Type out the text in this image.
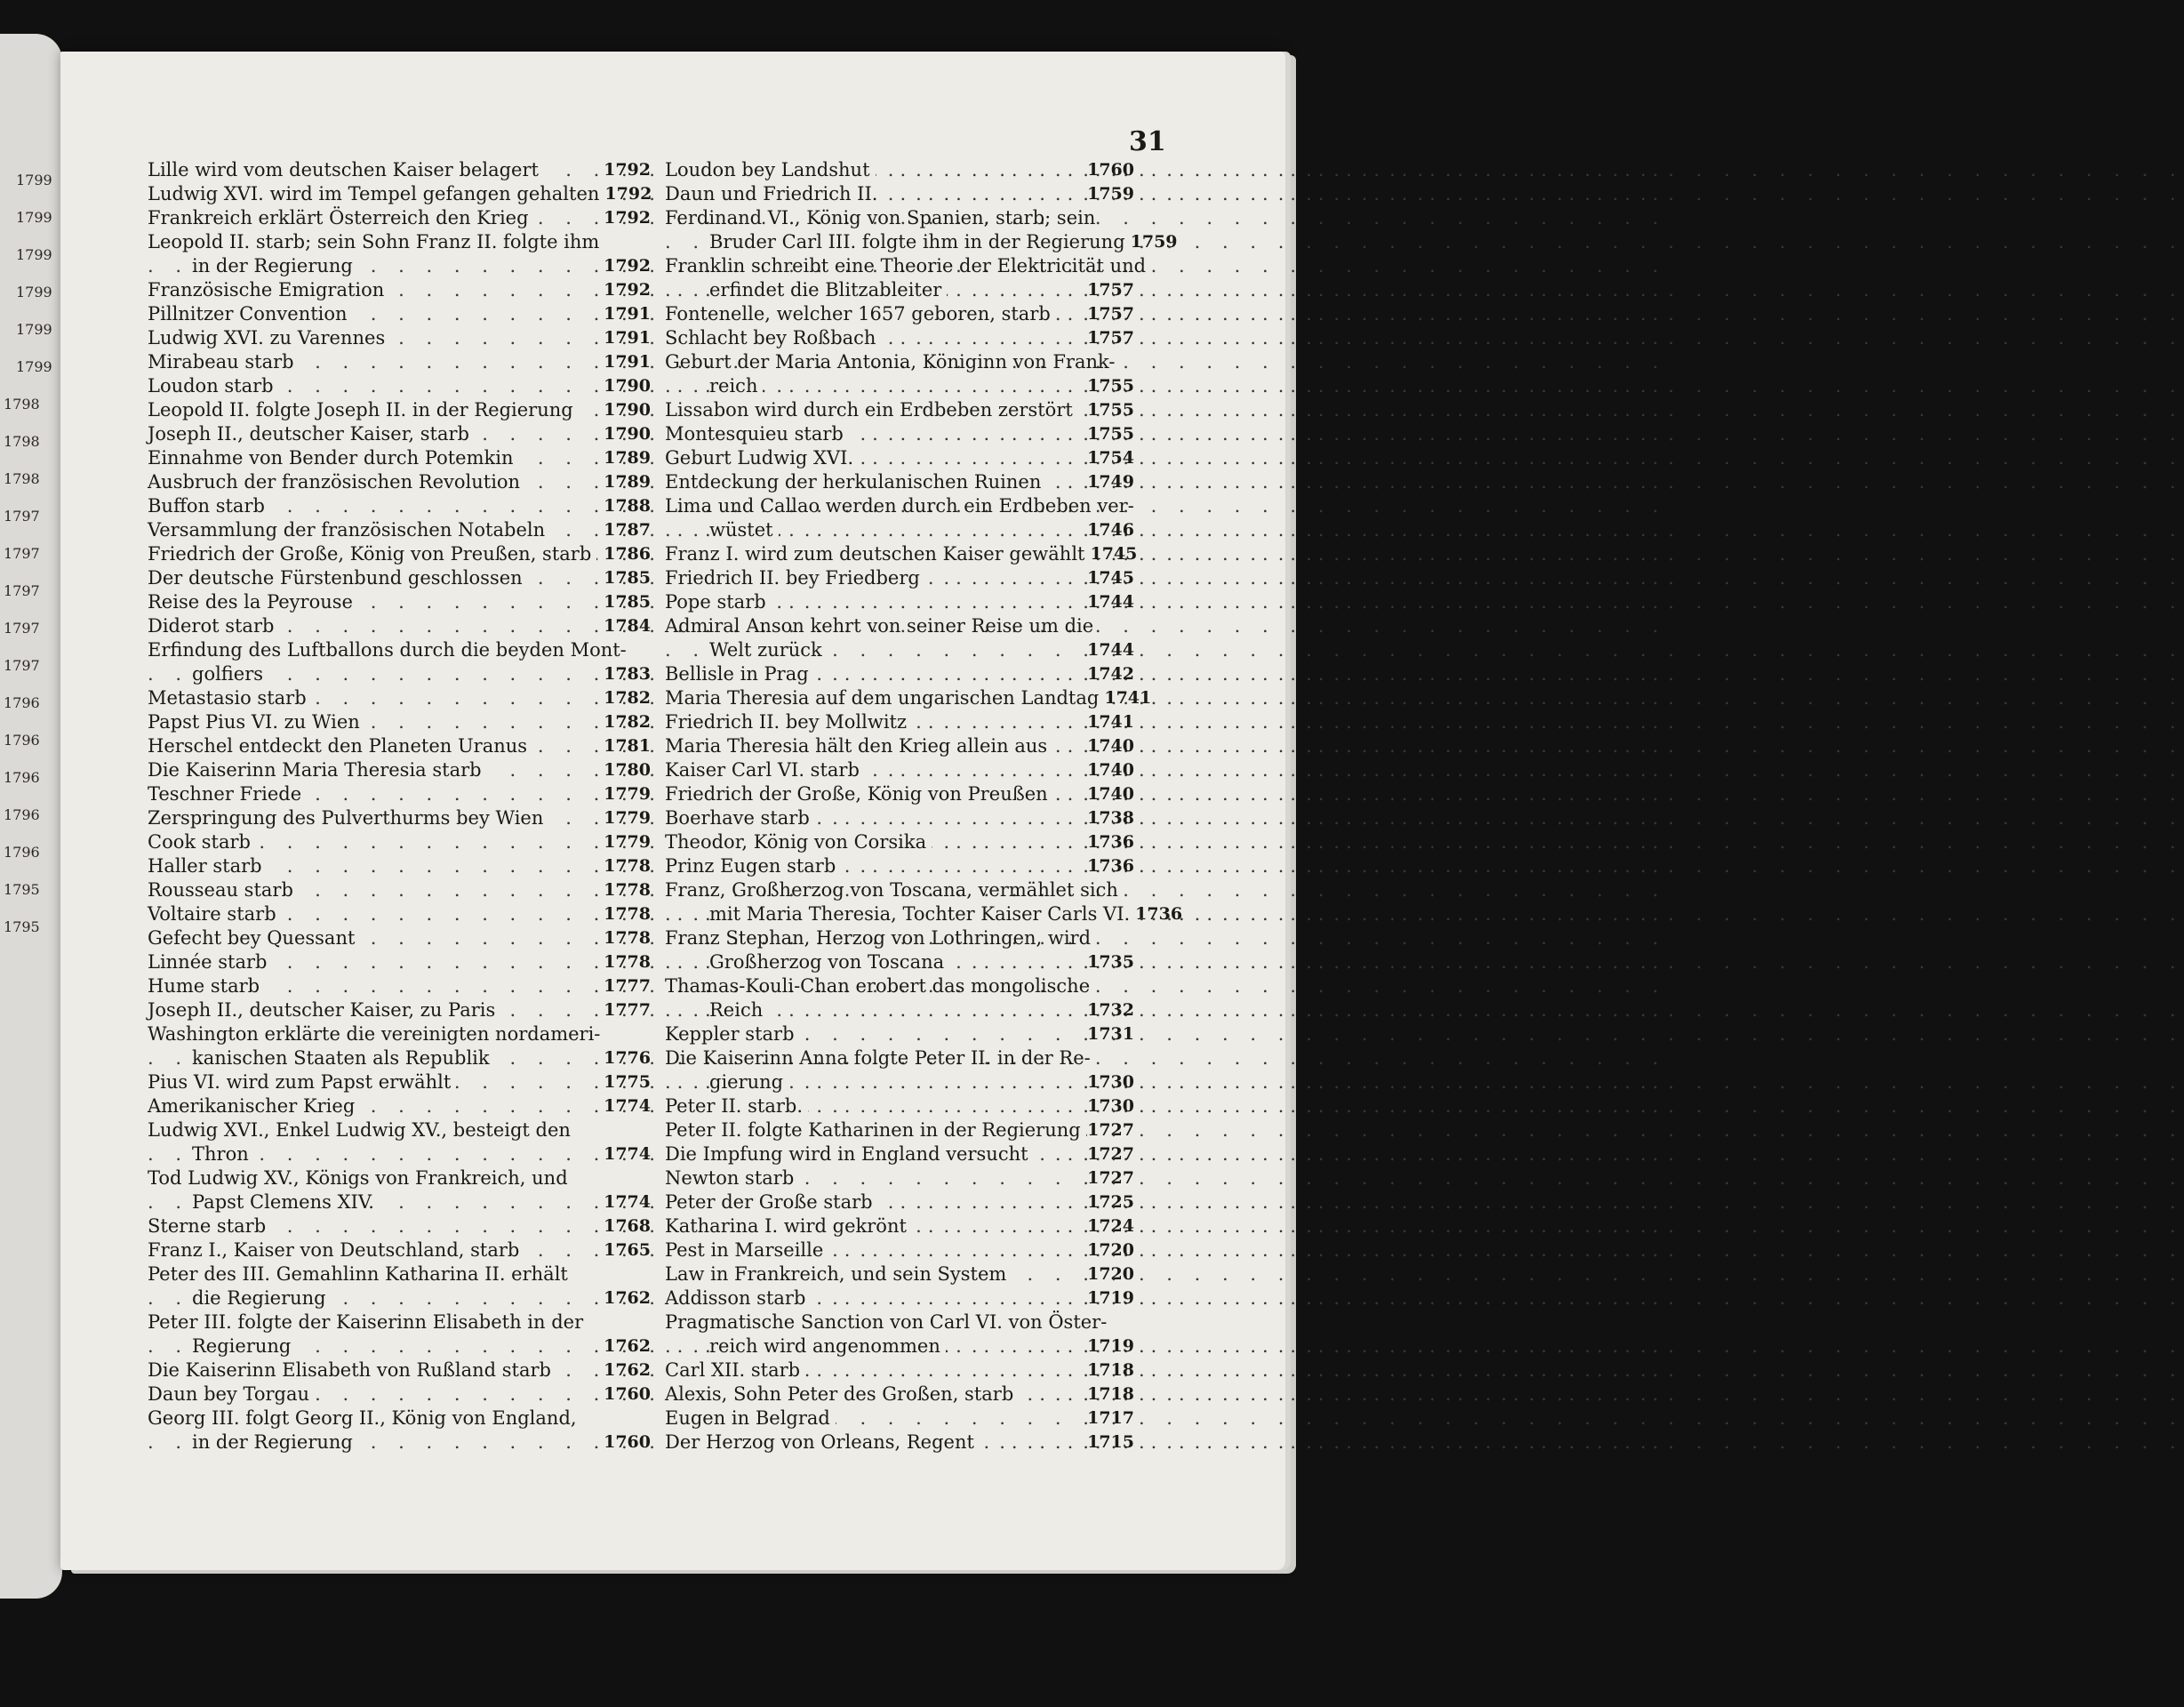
1799
1799
1799
1799
1799
1799
1798
1798
1798
1797
1797
1797
1797
1797
1796
1796
1796
1796
1796
1795
1795
31
Lille wird vom deutschen Kaiser belagert . . .	1792
Ludwig XVI. wird im Tempel gefangen gehalten . . . 1792
Frankreich erklärt Österreich den Krieg . . .	1792
Leopold II. starb; sein Sohn Franz II. folgte ihm
in der Regierung . . .	1792
Französische Emigration . . .	1792
Pillnitzer Convention . . .	1791
Ludwig XVI. zu Varennes . . .	1791
Mirabeau starb . . .	1791
Loudon starb . . .	1790
Leopold II. folgte Joseph II. in der Regierung . . .	1790
Joseph II., deutscher Kaiser, starb . . .	1790
Einnahme von Bender durch Potemkin . . .	1789
Ausbruch der französischen Revolution . . .	1789
Buffon starb . . .	1788
Versammlung der französischen Notabeln . . .	1787
Friedrich der Große, König von Preußen, starb . . . 1786
Der deutsche Fürstenbund geschlossen . . .	1785
Reise des la Peyrouse . . .	1785
Diderot starb . . .	1784
Erfindung des Luftballons durch die beyden Mont-
golfiers . . .	1783
Metastasio starb . . .	1782
Papst Pius VI. zu Wien . . .	1782
Herschel entdeckt den Planeten Uranus . . .	1781
Die Kaiserinn Maria Theresia starb . . .	1780
Teschner Friede . . .	1779
Zerspringung des Pulverthurms bey Wien . . .	1779
Cook starb . . .	1779
Haller starb . . .	1778
Rousseau starb . . .	1778
Voltaire starb . . .	1778
Gefecht bey Quessant . . .	1778
Linnée starb . . .	1778
Hume starb . . .	1777
Joseph II., deutscher Kaiser, zu Paris . . .	1777
Washington erklärte die vereinigten nordameri-
kanischen Staaten als Republik . . .	1776
Pius VI. wird zum Papst erwählt . . .	1775
Amerikanischer Krieg . . .	1774
Ludwig XVI., Enkel Ludwig XV., besteigt den
Thron . . .	1774
Tod Ludwig XV., Königs von Frankreich, und
Papst Clemens XIV. . . .	1774
Sterne starb . . .	1768
Franz I., Kaiser von Deutschland, starb . . .	1765
Peter des III. Gemahlinn Katharina II. erhält
die Regierung . . .	1762
Peter III. folgte der Kaiserinn Elisabeth in der
Regierung . . .	1762
Die Kaiserinn Elisabeth von Rußland starb . . .	1762
Daun bey Torgau . . .	1760
Georg III. folgt Georg II., König von England,
in der Regierung . . .	1760
Loudon bey Landshut . . .	1760
Daun und Friedrich II. . . .	1759
Ferdinand VI., König von Spanien, starb; sein
Bruder Carl III. folgte ihm in der Regierung . . . 1759
Franklin schreibt eine Theorie der Elektricität und
erfindet die Blitzableiter . . .	1757
Fontenelle, welcher 1657 geboren, starb . . .	1757
Schlacht bey Roßbach . . .	1757
Geburt der Maria Antonia, Königinn von Frank-
reich . . .	1755
Lissabon wird durch ein Erdbeben zerstört . . . 1755
Montesquieu starb . . .	1755
Geburt Ludwig XVI. . . .	1754
Entdeckung der herkulanischen Ruinen . . .	1749
Lima und Callao werden durch ein Erdbeben ver-
wüstet . . .	1746
Franz I. wird zum deutschen Kaiser gewählt . . . 1745
Friedrich II. bey Friedberg . . .	1745
Pope starb . . .	1744
Admiral Anson kehrt von seiner Reise um die
Welt zurück . . .	1744
Bellisle in Prag . . .	1742
Maria Theresia auf dem ungarischen Landtag . . . 1741
Friedrich II. bey Mollwitz . . .	1741
Maria Theresia hält den Krieg allein aus . . .	1740
Kaiser Carl VI. starb . . .	1740
Friedrich der Große, König von Preußen . . .	1740
Boerhave starb . . .	1738
Theodor, König von Corsika . . .	1736
Prinz Eugen starb . . .	1736
Franz, Großherzog von Toscana, vermählet sich
mit Maria Theresia, Tochter Kaiser Carls VI. . . . 1736
Franz Stephan, Herzog von Lothringen, wird
Großherzog von Toscana . . .	1735
Thamas-Kouli-Chan erobert das mongolische
Reich . . .	1732
Keppler starb . . .	1731
Die Kaiserinn Anna folgte Peter II. in der Re-
gierung . . .	1730
Peter II. starb. . . .	1730
Peter II. folgte Katharinen in der Regierung . . . 1727
Die Impfung wird in England versucht . . .	1727
Newton starb . . .	1727
Peter der Große starb . . .	1725
Katharina I. wird gekrönt . . .	1724
Pest in Marseille . . .	1720
Law in Frankreich, und sein System . . .	1720
Addisson starb . . .	1719
Pragmatische Sanction von Carl VI. von Öster-
reich wird angenommen . . .	1719
Carl XII. starb . . .	1718
Alexis, Sohn Peter des Großen, starb . . .	1718
Eugen in Belgrad . . .	1717
Der Herzog von Orleans, Regent . . .	1715
